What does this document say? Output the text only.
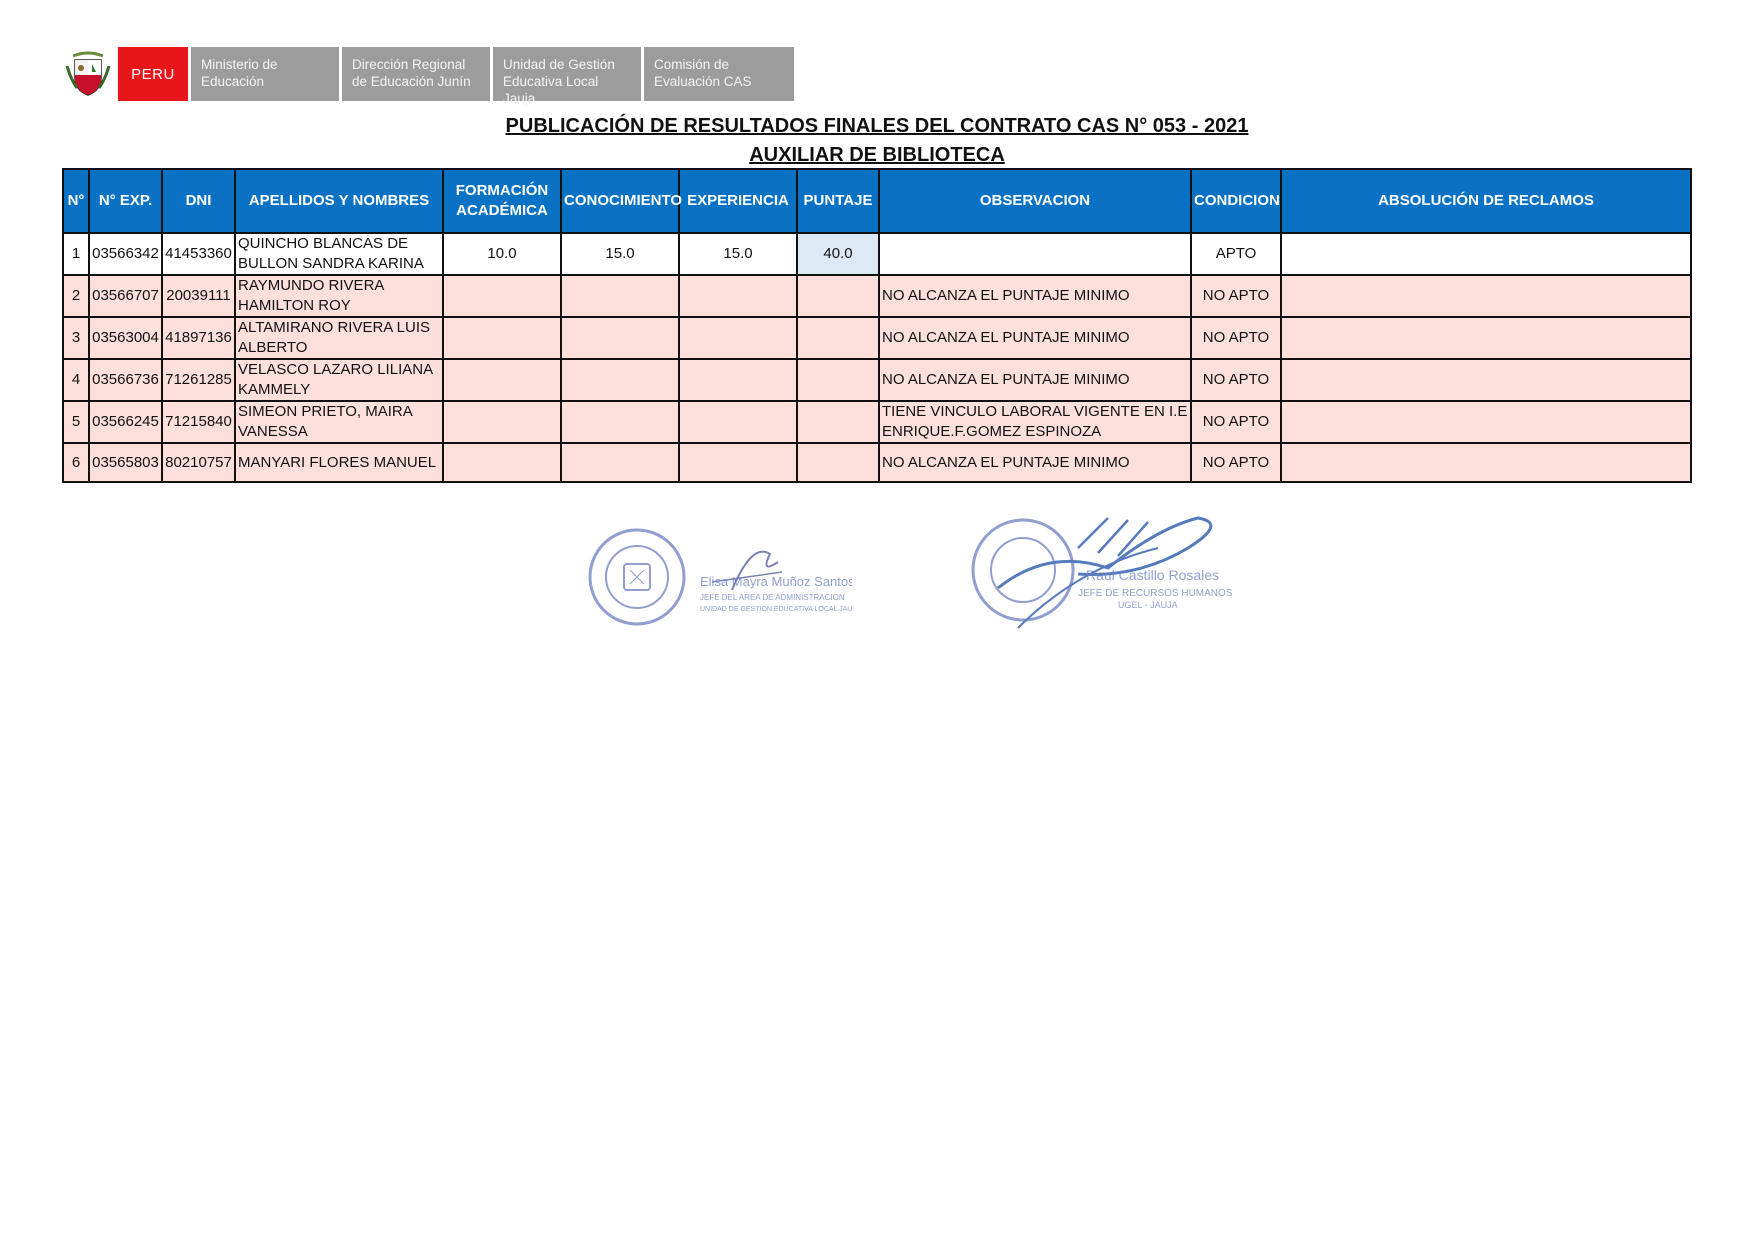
PERU
Ministerio de Educación
Dirección Regional de Educación Junín
Unidad de Gestión Educativa Local Jauja
Comisión de Evaluación CAS
PUBLICACIÓN DE RESULTADOS FINALES DEL CONTRATO CAS N° 053 - 2021
AUXILIAR DE BIBLIOTECA
N°	N° EXP.	DNI	APELLIDOS Y NOMBRES	FORMACIÓN ACADÉMICA	CONOCIMIENTO	EXPERIENCIA	PUNTAJE	OBSERVACION	CONDICION	ABSOLUCIÓN DE RECLAMOS
1	03566342	41453360	QUINCHO BLANCAS DE BULLON SANDRA KARINA	10.0	15.0	15.0	40.0		APTO	
2	03566707	20039111	RAYMUNDO RIVERA HAMILTON ROY					NO ALCANZA EL PUNTAJE MINIMO	NO APTO	
3	03563004	41897136	ALTAMIRANO RIVERA LUIS ALBERTO					NO ALCANZA EL PUNTAJE MINIMO	NO APTO	
4	03566736	71261285	VELASCO LAZARO LILIANA KAMMELY					NO ALCANZA EL PUNTAJE MINIMO	NO APTO	
5	03566245	71215840	SIMEON PRIETO, MAIRA VANESSA					TIENE VINCULO LABORAL VIGENTE EN I.E ENRIQUE.F.GOMEZ ESPINOZA	NO APTO	
6	03565803	80210757	MANYARI FLORES MANUEL					NO ALCANZA EL PUNTAJE MINIMO	NO APTO	
Elisa Mayra Muñoz Santos
JEFE DEL AREA DE ADMINISTRACION
UNIDAD DE GESTION EDUCATIVA LOCAL JAUJA
Raul Castillo Rosales
JEFE DE RECURSOS HUMANOS
UGEL - JAUJA
